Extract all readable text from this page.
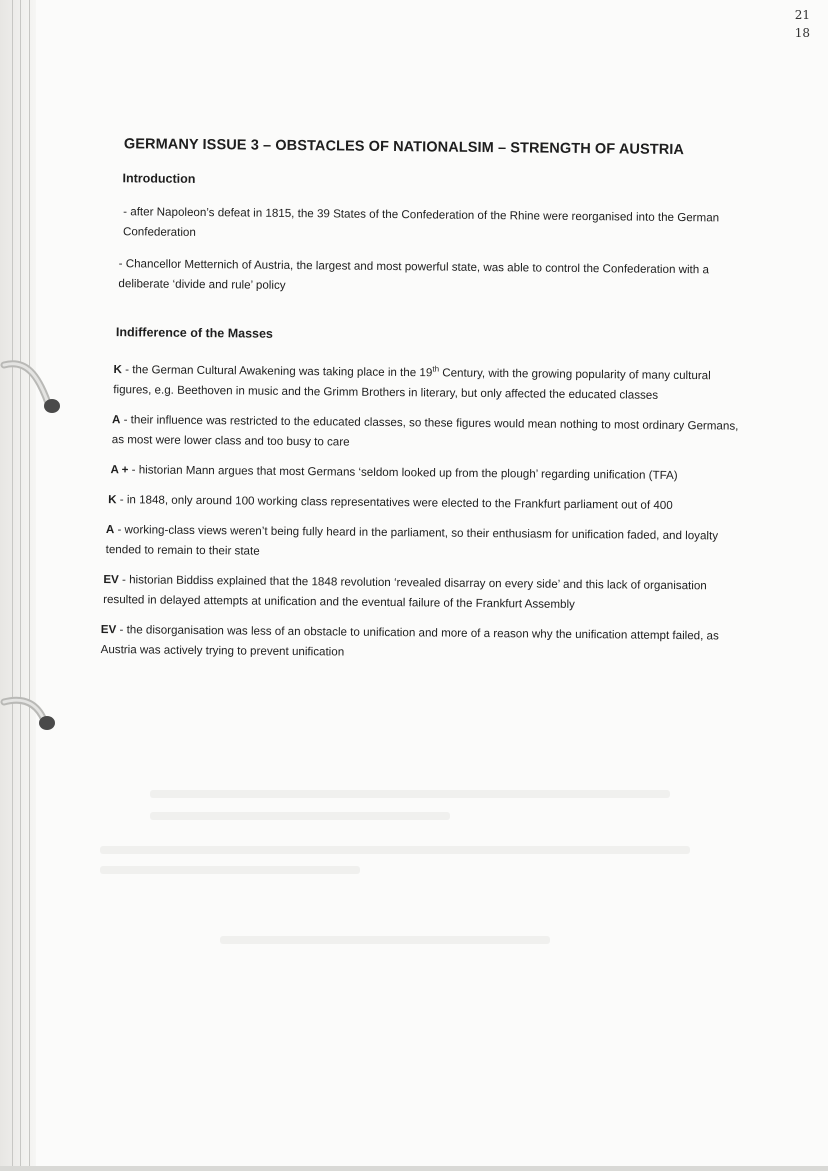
21
18
GERMANY ISSUE 3 – OBSTACLES OF NATIONALSIM – STRENGTH OF AUSTRIA
Introduction

- after Napoleon’s defeat in 1815, the 39 States of the Confederation of the Rhine were reorganised into the German Confederation

- Chancellor Metternich of Austria, the largest and most powerful state, was able to control the Confederation with a deliberate ‘divide and rule’ policy

Indifference of the Masses

K - the German Cultural Awakening was taking place in the 19th Century, with the growing popularity of many cultural figures, e.g. Beethoven in music and the Grimm Brothers in literary, but only affected the educated classes

A - their influence was restricted to the educated classes, so these figures would mean nothing to most ordinary Germans, as most were lower class and too busy to care

A + - historian Mann argues that most Germans ‘seldom looked up from the plough’ regarding unification (TFA)

K - in 1848, only around 100 working class representatives were elected to the Frankfurt parliament out of 400

A - working-class views weren’t being fully heard in the parliament, so their enthusiasm for unification faded, and loyalty tended to remain to their state

EV - historian Biddiss explained that the 1848 revolution ‘revealed disarray on every side’ and this lack of organisation resulted in delayed attempts at unification and the eventual failure of the Frankfurt Assembly

EV - the disorganisation was less of an obstacle to unification and more of a reason why the unification attempt failed, as Austria was actively trying to prevent unification
